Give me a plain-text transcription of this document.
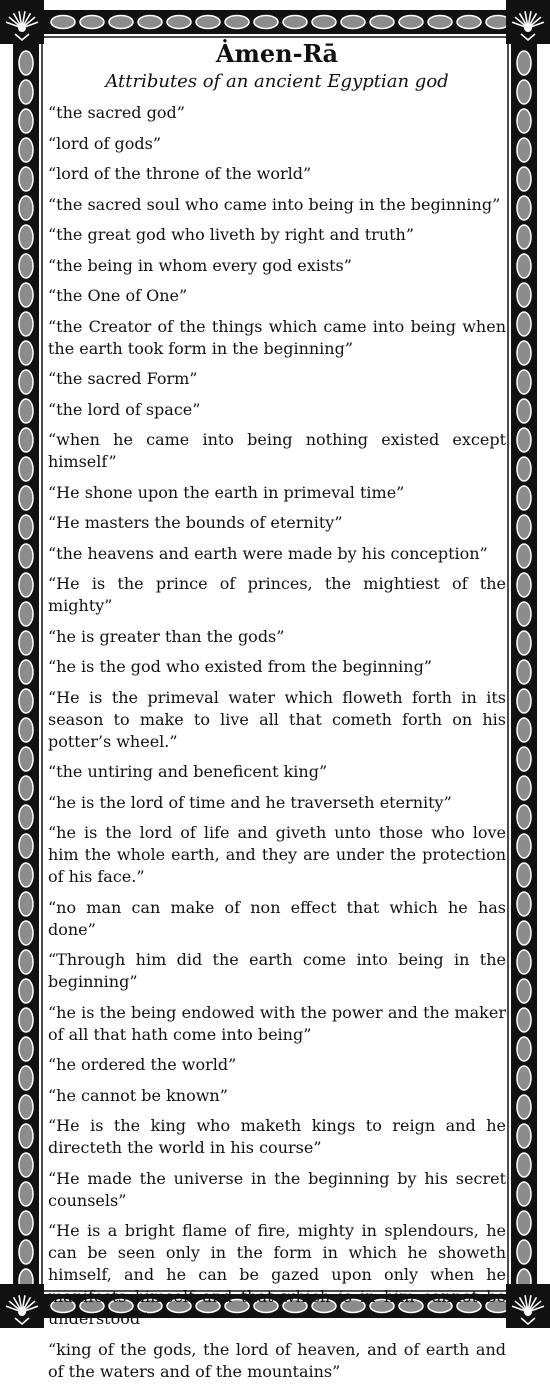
Ȧmen-Rā
Attributes of an ancient Egyptian god
“the sacred god”
“lord of gods”
“lord of the throne of the world”
“the sacred soul who came into being in the beginning”
“the great god who liveth by right and truth”
“the being in whom every god exists”
“the One of One”
“the Creator of the things which came into being when the earth took form in the beginning”
“the sacred Form”
“the lord of space”
“when he came into being nothing existed except himself”
“He shone upon the earth in primeval time”
“He masters the bounds of eternity”
“the heavens and earth were made by his conception”
“He is the prince of princes, the mightiest of the mighty”
“he is greater than the gods”
“he is the god who existed from the beginning”
“He is the primeval water which floweth forth in its season to make to live all that cometh forth on his potter’s wheel.”
“the untiring and beneficent king”
“he is the lord of time and he traverseth eternity”
“he is the lord of life and giveth unto those who love him the whole earth, and they are under the protection of his face.”
“no man can make of non effect that which he has done”
“Through him did the earth come into being in the beginning”
“he is the being endowed with the power and the maker of all that hath come into being”
“he ordered the world”
“he cannot be known”
“He is the king who maketh kings to reign and he directeth the world in his course”
“He made the universe in the beginning by his secret counsels”
“He is a bright flame of fire, mighty in splendours, he can be seen only in the form in which he showeth himself, and he can be gazed upon only when he manifests himself and that which is in him cannot be understood”
“king of the gods, the lord of heaven, and of earth and of the waters and of the mountains”
